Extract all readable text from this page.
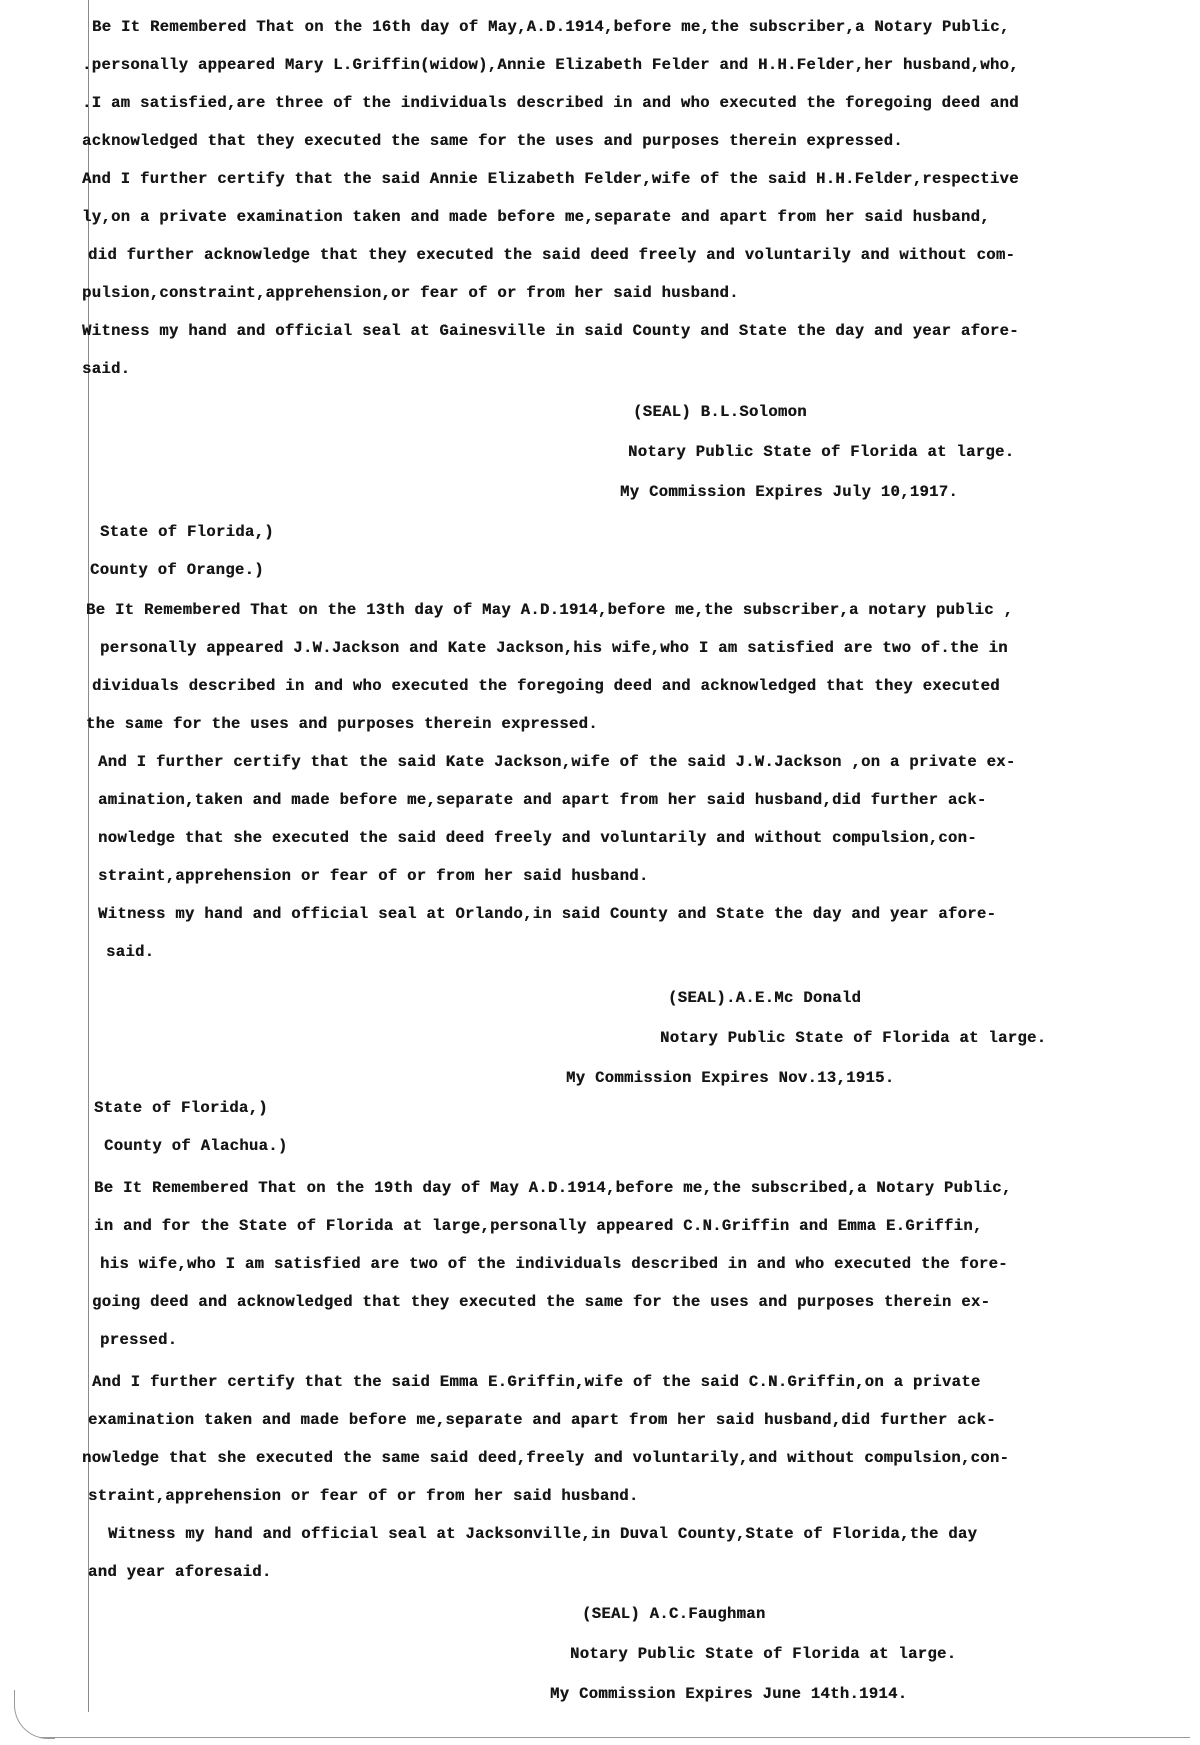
Be It Remembered That on the 16th day of May,A.D.1914,before me,the subscriber,a Notary Public,
.personally appeared Mary L.Griffin(widow),Annie Elizabeth Felder and H.H.Felder,her husband,who,
.I am satisfied,are three of the individuals described in and who executed the foregoing deed and
acknowledged that they executed the same for the uses and purposes therein expressed.
And I further certify that the said Annie Elizabeth Felder,wife of the said H.H.Felder,respective
ly,on a private examination taken and made before me,separate and apart from her said husband,
did further acknowledge that they executed the said deed freely and voluntarily and without com-
pulsion,constraint,apprehension,or fear of or from her said husband.
Witness my hand and official seal at Gainesville in said County and State the day and year afore-
said.
(SEAL) B.L.Solomon
Notary Public State of Florida at large.
My Commission Expires July 10,1917.
State of Florida,)
County of Orange.)
Be It Remembered That on the 13th day of May A.D.1914,before me,the subscriber,a notary public ,
personally appeared J.W.Jackson and Kate Jackson,his wife,who I am satisfied are two of.the in
dividuals described in and who executed the foregoing deed and acknowledged that they executed
the same for the uses and purposes therein expressed.
And I further certify that the said Kate Jackson,wife of the said J.W.Jackson ,on a private ex-
amination,taken and made before me,separate and apart from her said husband,did further ack-
nowledge that she executed the said deed freely and voluntarily and without compulsion,con-
straint,apprehension or fear of or from her said husband.
Witness my hand and official seal at Orlando,in said County and State the day and year afore-
said.
(SEAL).A.E.Mc Donald
Notary Public State of Florida at large.
My Commission Expires Nov.13,1915.
State of Florida,)
County of Alachua.)
Be It Remembered That on the 19th day of May A.D.1914,before me,the subscribed,a Notary Public,
in and for the State of Florida at large,personally appeared C.N.Griffin and Emma E.Griffin,
his wife,who I am satisfied are two of the individuals described in and who executed the fore-
going deed and acknowledged that they executed the same for the uses and purposes therein ex-
pressed.
And I further certify that the said Emma E.Griffin,wife of the said C.N.Griffin,on a private
examination taken and made before me,separate and apart from her said husband,did further ack-
nowledge that she executed the same said deed,freely and voluntarily,and without compulsion,con-
straint,apprehension or fear of or from her said husband.
Witness my hand and official seal at Jacksonville,in Duval County,State of Florida,the day
and year aforesaid.
(SEAL) A.C.Faughman
Notary Public State of Florida at large.
My Commission Expires June 14th.1914.
